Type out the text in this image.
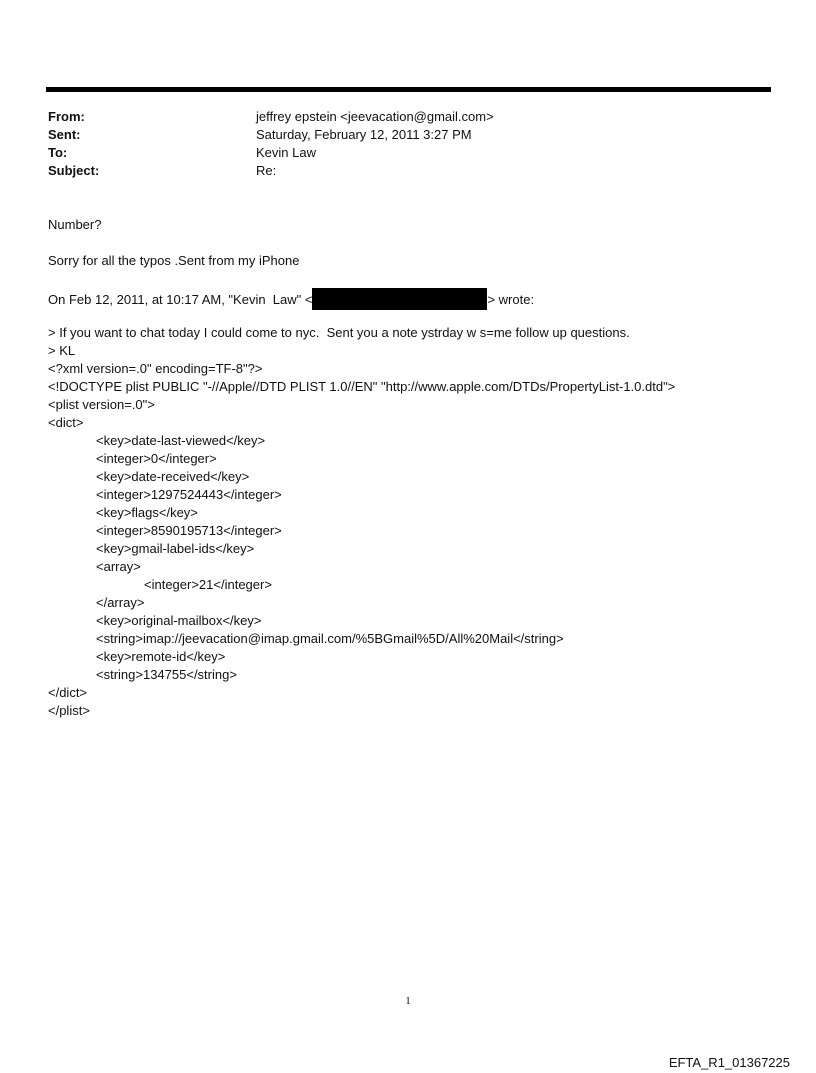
From:	jeffrey epstein <jeevacation@gmail.com>
Sent:	Saturday, February 12, 2011 3:27 PM
To:	Kevin Law
Subject:	Re:
Number?
Sorry for all the typos .Sent from my iPhone
On Feb 12, 2011, at 10:17 AM, "Kevin  Law" <	> wrote:
> If you want to chat today I could come to nyc.  Sent you a note ystrday w s=me follow up questions.
> KL
<?xml version=.0" encoding=TF-8"?>
<!DOCTYPE plist PUBLIC "-//Apple//DTD PLIST 1.0//EN" "http://www.apple.com/DTDs/PropertyList-1.0.dtd">
<plist version=.0">
<dict>
<key>date-last-viewed</key>
<integer>0</integer>
<key>date-received</key>
<integer>1297524443</integer>
<key>flags</key>
<integer>8590195713</integer>
<key>gmail-label-ids</key>
<array>
<integer>21</integer>
</array>
<key>original-mailbox</key>
<string>imap://jeevacation@imap.gmail.com/%5BGmail%5D/All%20Mail</string>
<key>remote-id</key>
<string>134755</string>
</dict>
</plist>
1
EFTA_R1_01367225
